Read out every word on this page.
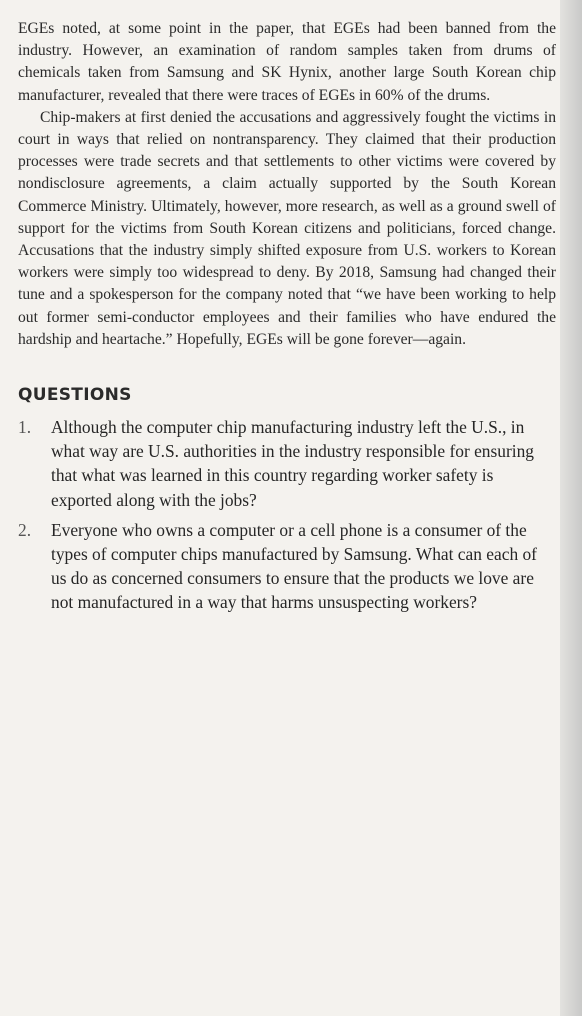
EGEs noted, at some point in the paper, that EGEs had been banned from the industry. However, an examination of random samples taken from drums of chemicals taken from Samsung and SK Hynix, another large South Korean chip manufacturer, revealed that there were traces of EGEs in 60% of the drums.

Chip-makers at first denied the accusations and aggressively fought the victims in court in ways that relied on nontransparency. They claimed that their production processes were trade secrets and that settlements to other victims were covered by nondisclosure agreements, a claim actually supported by the South Korean Commerce Ministry. Ultimately, however, more research, as well as a ground swell of support for the victims from South Korean citizens and politicians, forced change. Accusations that the industry simply shifted exposure from U.S. workers to Korean workers were simply too widespread to deny. By 2018, Samsung had changed their tune and a spokesperson for the company noted that “we have been working to help out former semi-conductor employees and their families who have endured the hardship and heartache.” Hopefully, EGEs will be gone forever—again.

QUESTIONS
1. Although the computer chip manufacturing industry left the U.S., in what way are U.S. authorities in the industry responsible for ensuring that what was learned in this country regarding worker safety is exported along with the jobs?
2. Everyone who owns a computer or a cell phone is a consumer of the types of computer chips manufactured by Samsung. What can each of us do as concerned consumers to ensure that the products we love are not manufactured in a way that harms unsuspecting workers?
